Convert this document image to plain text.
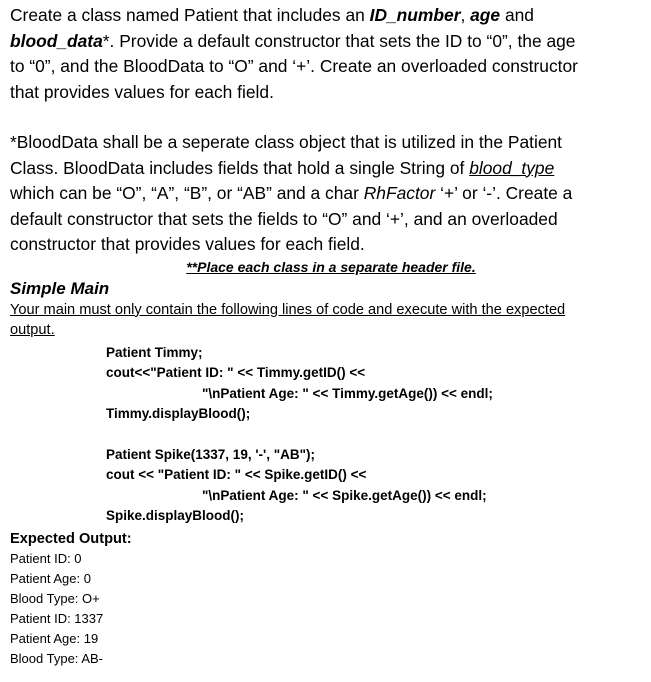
Create a class named Patient that includes an ID_number, age and
blood_data*. Provide a default constructor that sets the ID to “0”, the age
to “0”, and the BloodData to “O” and ‘+’. Create an overloaded constructor
that provides values for each field.

*BloodData shall be a seperate class object that is utilized in the Patient
Class. BloodData includes fields that hold a single String of blood_type
which can be “O”, “A”, “B”, or “AB” and a char RhFactor ‘+’ or ‘-’. Create a
default constructor that sets the fields to “O” and ‘+’, and an overloaded
constructor that provides values for each field.

**Place each class in a separate header file.

Simple Main

Your main must only contain the following lines of code and execute with the expected
output.

Patient Timmy;
cout<<"Patient ID: " << Timmy.getID() <<
"\nPatient Age: " << Timmy.getAge()) << endl;
Timmy.displayBlood();
Patient Spike(1337, 19, '-', "AB");
cout << "Patient ID: " << Spike.getID() <<
"\nPatient Age: " << Spike.getAge()) << endl;
Spike.displayBlood();

Expected Output:

Patient ID: 0
Patient Age: 0
Blood Type: O+
Patient ID: 1337
Patient Age: 19
Blood Type: AB-
